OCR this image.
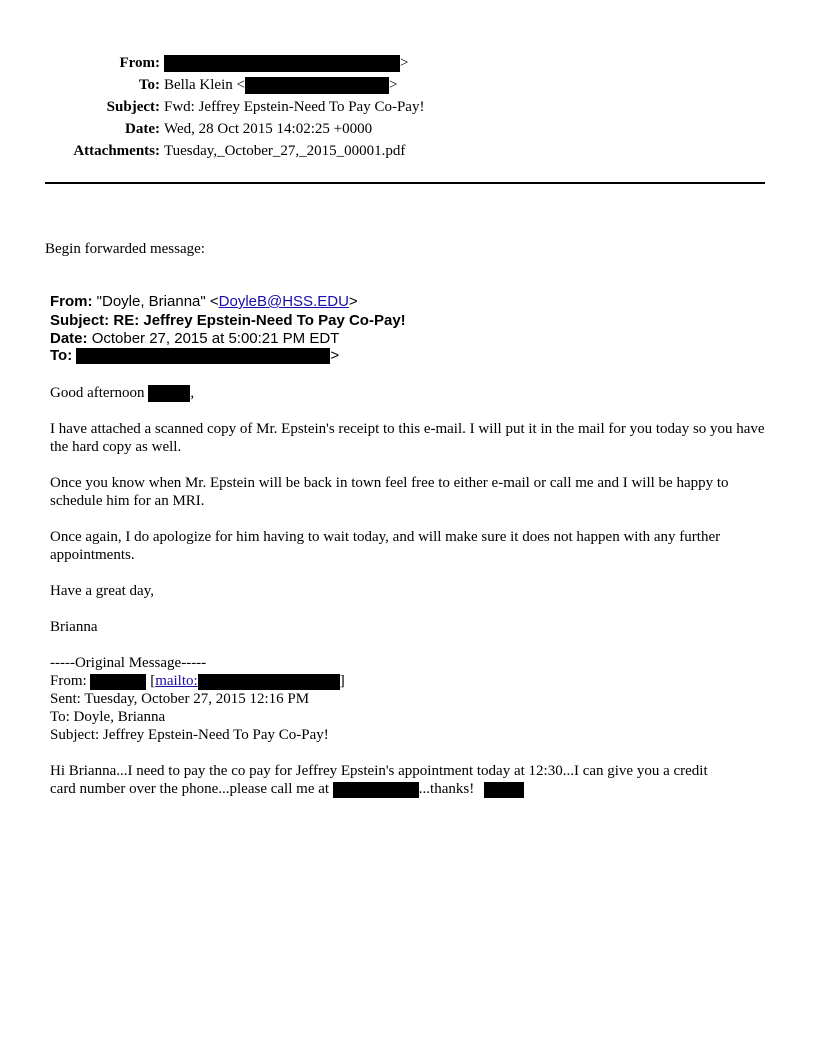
From:	>
To: Bella Klein <	>
Subject: Fwd: Jeffrey Epstein-Need To Pay Co-Pay!
Date: Wed, 28 Oct 2015 14:02:25 +0000
Attachments: Tuesday,_October_27,_2015_00001.pdf
Begin forwarded message:
From: "Doyle, Brianna" <DoyleB@HSS.EDU>
Subject: RE: Jeffrey Epstein-Need To Pay Co-Pay!
Date: October 27, 2015 at 5:00:21 PM EDT
To:	>
Good afternoon	,
I have attached a scanned copy of Mr. Epstein's receipt to this e-mail. I will put it in the mail for you today so you have the hard copy as well.
Once you know when Mr. Epstein will be back in town feel free to either e-mail or call me and I will be happy to schedule him for an MRI.
Once again, I do apologize for him having to wait today, and will make sure it does not happen with any further appointments.
Have a great day,
Brianna
-----Original Message-----
From:	[mailto:	]
Sent: Tuesday, October 27, 2015 12:16 PM
To: Doyle, Brianna
Subject: Jeffrey Epstein-Need To Pay Co-Pay!
Hi Brianna...I need to pay the co pay for Jeffrey Epstein's appointment today at 12:30...I can give you a credit
card number over the phone...please call me at	...thanks!
